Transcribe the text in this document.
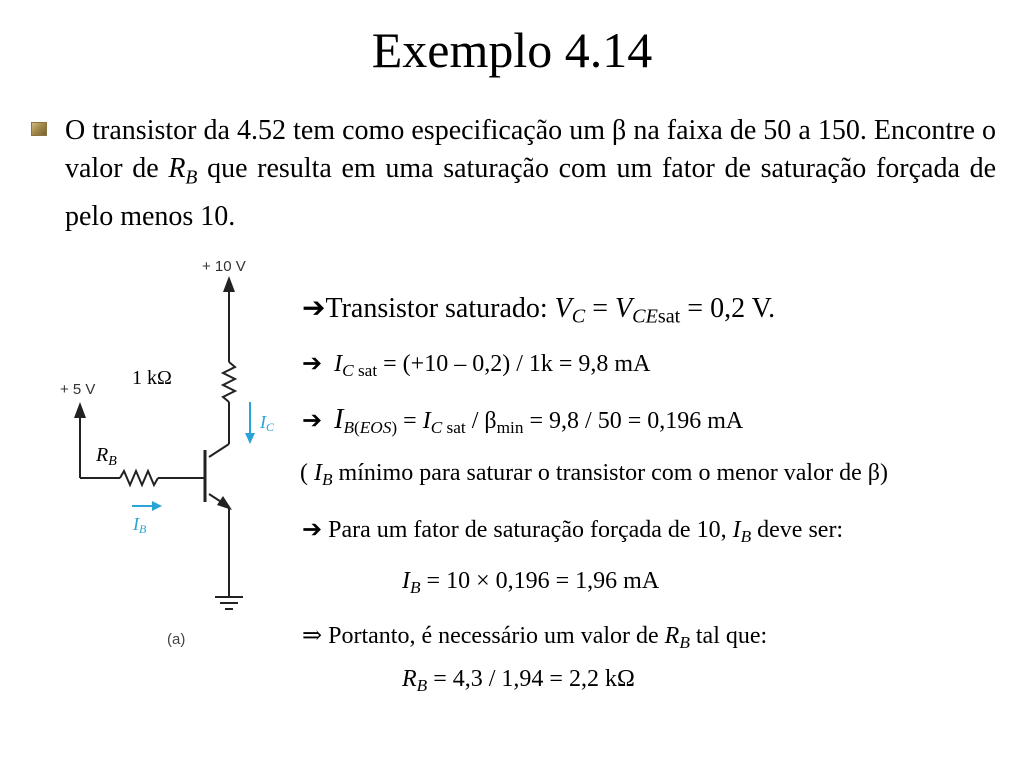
Exemplo 4.14
O transistor da 4.52 tem como especificação um β na faixa de 50 a 150. Encontre o valor de $R_B$ que resulta em uma saturação com um fator de saturação forçada de pelo menos 10.
+ 10 V
+ 5 V
1 kΩ
$R_B$
IC
IB
(a)
➔Transistor saturado: $V_C = V_{CEsat} = 0,2$ V.
➔ $I_{C sat} = (+10 - 0,2) / 1k = 9,8$ mA
➔ $I_{B(EOS)} = I_{C sat} / \beta_{min} = 9,8 / 50 = 0,196$ mA
( $I_B$ mínimo para saturar o transistor com o menor valor de β)
➔ Para um fator de saturação forçada de 10, $I_B$ deve ser:
$I_B = 10 \times 0,196 = 1,96$ mA
⇒ Portanto, é necessário um valor de $R_B$ tal que:
$R_B = 4,3 / 1,94 = 2,2$ kΩ
